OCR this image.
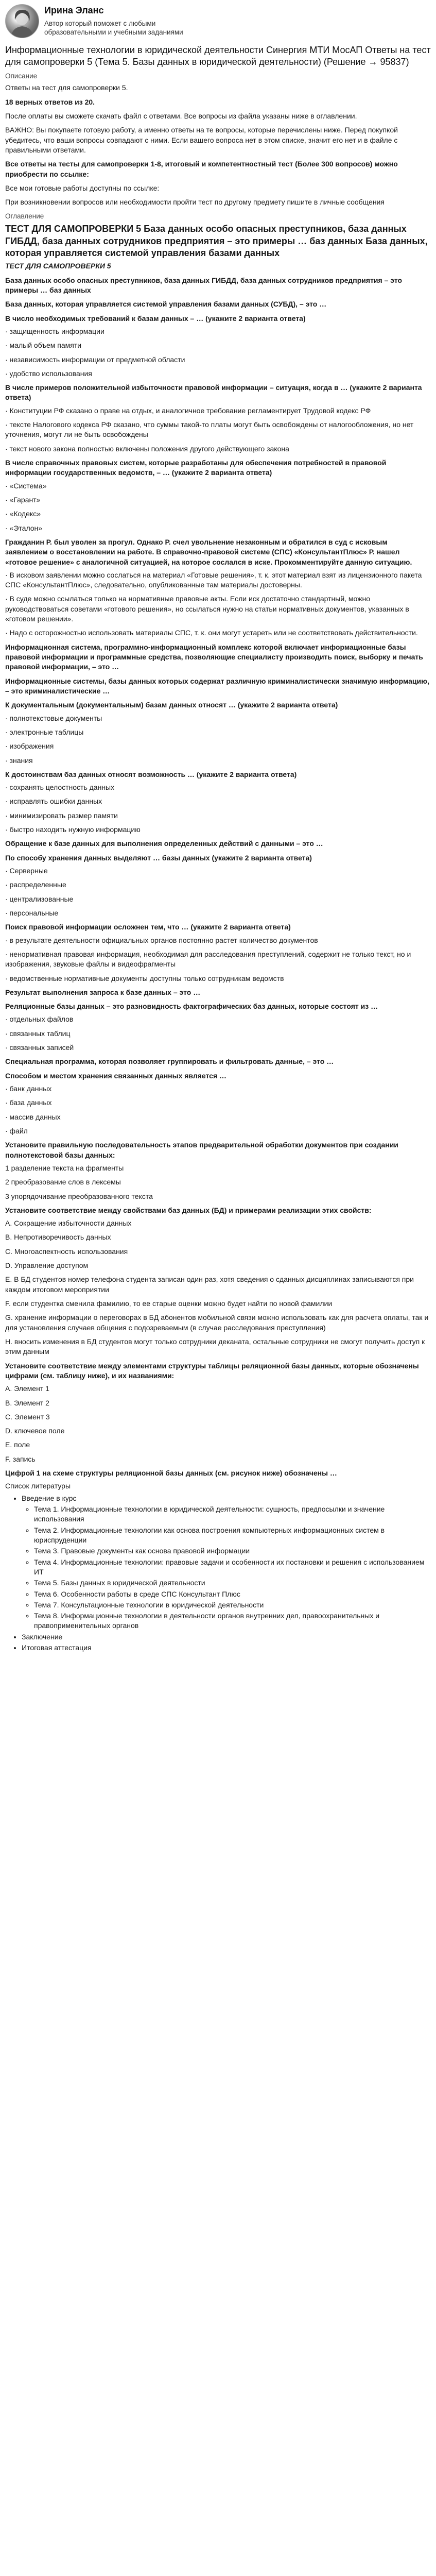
Ирина Эланс
Автор который поможет с любыми образовательными и учебными заданиями
Информационные технологии в юридической деятельности Синергия МТИ МосАП Ответы на тест для самопроверки 5 (Тема 5. Базы данных в юридической деятельности) (Решение → 95837)
Описание

Ответы на тест для самопроверки 5.

18 верных ответов из 20.

После оплаты вы сможете скачать файл с ответами. Все вопросы из файла указаны ниже в оглавлении.

ВАЖНО: Вы покупаете готовую работу, а именно ответы на те вопросы, которые перечислены ниже. Перед покупкой убедитесь, что ваши вопросы совпадают с ними. Если вашего вопроса нет в этом списке, значит его нет и в файле с правильными ответами.

Все ответы на тесты для самопроверки 1-8, итоговый и компетентностный тест (Более 300 вопросов) можно приобрести по ссылке:

Все мои готовые работы доступны по ссылке:

При возникновении вопросов или необходимости пройти тест по другому предмету пишите в личные сообщения

Оглавление
ТЕСТ ДЛЯ САМОПРОВЕРКИ 5 База данных особо опасных преступников, база данных ГИБДД, база данных сотрудников предприятия – это примеры … баз данных База данных, которая управляется системой управления базами данных

ТЕСТ ДЛЯ САМОПРОВЕРКИ 5

База данных особо опасных преступников, база данных ГИБДД, база данных сотрудников предприятия – это примеры … баз данных
База данных, которая управляется системой управления базами данных (СУБД), – это …
В число необходимых требований к базам данных – … (укажите 2 варианта ответа)
· защищенность информации
· малый объем памяти
· независимость информации от предметной области
· удобство использования
В числе примеров положительной избыточности правовой информации – ситуация, когда в … (укажите 2 варианта ответа)
· Конституции РФ сказано о праве на отдых, и аналогичное требование регламентирует Трудовой кодекс РФ
· тексте Налогового кодекса РФ сказано, что суммы такой-то платы могут быть освобождены от налогообложения, но нет уточнения, могут ли не быть освобождены
· текст нового закона полностью включены положения другого действующего закона
В числе справочных правовых систем, которые разработаны для обеспечения потребностей в правовой информации государственных ведомств, – … (укажите 2 варианта ответа)
· «Система»
· «Гарант»
· «Кодекс»
· «Эталон»
Гражданин Р. был уволен за прогул. Однако Р. счел увольнение незаконным и обратился в суд с исковым заявлением о восстановлении на работе. В справочно-правовой системе (СПС) «КонсультантПлюс» Р. нашел «готовое решение» с аналогичной ситуацией, на которое сослался в иске. Прокомментируйте данную ситуацию.
· В исковом заявлении можно сослаться на материал «Готовые решения», т. к. этот материал взят из лицензионного пакета СПС «КонсультантПлюс», следовательно, опубликованные там материалы достоверны.
· В суде можно ссылаться только на нормативные правовые акты. Если иск достаточно стандартный, можно руководствоваться советами «готового решения», но ссылаться нужно на статьи нормативных документов, указанных в «готовом решении».
· Надо с осторожностью использовать материалы СПС, т. к. они могут устареть или не соответствовать действительности.
Информационная система, программно-информационный комплекс которой включает информационные базы правовой информации и программные средства, позволяющие специалисту производить поиск, выборку и печать правовой информации, – это …
Информационные системы, базы данных которых содержат различную криминалистически значимую информацию, – это криминалистические …
К документальным (документальным) базам данных относят … (укажите 2 варианта ответа)
· полнотекстовые документы
· электронные таблицы
· изображения
· знания
К достоинствам баз данных относят возможность … (укажите 2 варианта ответа)
· сохранять целостность данных
· исправлять ошибки данных
· минимизировать размер памяти
· быстро находить нужную информацию
Обращение к базе данных для выполнения определенных действий с данными – это …
По способу хранения данных выделяют … базы данных (укажите 2 варианта ответа)
· Серверные
· распределенные
· централизованные
· персональные
Поиск правовой информации осложнен тем, что … (укажите 2 варианта ответа)
· в результате деятельности официальных органов постоянно растет количество документов
· ненормативная правовая информация, необходимая для расследования преступлений, содержит не только текст, но и изображения, звуковые файлы и видеофрагменты
· ведомственные нормативные документы доступны только сотрудникам ведомств
Результат выполнения запроса к базе данных – это …
Реляционные базы данных – это разновидность фактографических баз данных, которые состоят из …
· отдельных файлов
· связанных таблиц
· связанных записей
Специальная программа, которая позволяет группировать и фильтровать данные, – это …
Способом и местом хранения связанных данных является …
· банк данных
· база данных
· массив данных
· файл
Установите правильную последовательность этапов предварительной обработки документов при создании полнотекстовой базы данных:
1 разделение текста на фрагменты
2 преобразование слов в лексемы
3 упорядочивание преобразованного текста
Установите соответствие между свойствами баз данных (БД) и примерами реализации этих свойств:
A. Сокращение избыточности данных
B. Непротиворечивость данных
C. Многоаспектность использования
D. Управление доступом
E. В БД студентов номер телефона студента записан один раз, хотя сведения о сданных дисциплинах записываются при каждом итоговом мероприятии
F. если студентка сменила фамилию, то ее старые оценки можно будет найти по новой фамилии
G. хранение информации о переговорах в БД абонентов мобильной связи можно использовать как для расчета оплаты, так и для установления случаев общения с подозреваемым (в случае расследования преступления)
H. вносить изменения в БД студентов могут только сотрудники деканата, остальные сотрудники не смогут получить доступ к этим данным
Установите соответствие между элементами структуры таблицы реляционной базы данных, которые обозначены цифрами (см. таблицу ниже), и их названиями:
A. Элемент 1
B. Элемент 2
C. Элемент 3
D. ключевое поле
E. поле
F. запись
Цифрой 1 на схеме структуры реляционной базы данных (см. рисунок ниже) обозначены …
Список литературы
• Введение в курс
◦ Тема 1. Информационные технологии в юридической деятельности: сущность, предпосылки и значение использования
◦ Тема 2. Информационные технологии как основа построения компьютерных информационных систем в юриспруденции
◦ Тема 3. Правовые документы как основа правовой информации
◦ Тема 4. Информационные технологии: правовые задачи и особенности их постановки и решения с использованием ИТ
◦ Тема 5. Базы данных в юридической деятельности
◦ Тема 6. Особенности работы в среде СПС Консультант Плюс
◦ Тема 7. Консультационные технологии в юридической деятельности
◦ Тема 8. Информационные технологии в деятельности органов внутренних дел, правоохранительных и правоприменительных органов
• Заключение
• Итоговая аттестация
